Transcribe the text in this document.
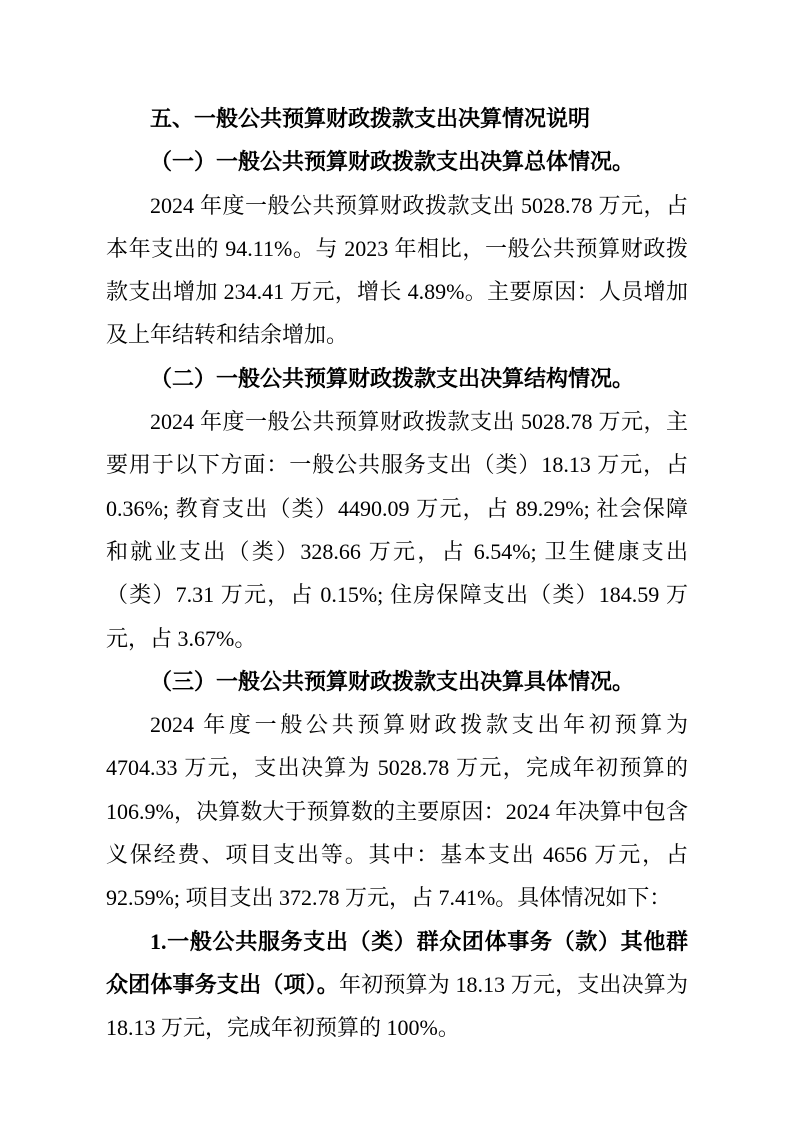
五、一般公共预算财政拨款支出决算情况说明

（一）一般公共预算财政拨款支出决算总体情况。

2024 年度一般公共预算财政拨款支出 5028.78 万元，占本年支出的 94.11%。与 2023 年相比，一般公共预算财政拨款支出增加 234.41 万元，增长 4.89%。主要原因：人员增加及上年结转和结余增加。

（二）一般公共预算财政拨款支出决算结构情况。

2024 年度一般公共预算财政拨款支出 5028.78 万元，主要用于以下方面：一般公共服务支出（类）18.13 万元，占 0.36%; 教育支出（类）4490.09 万元，占 89.29%; 社会保障和就业支出（类）328.66 万元，占 6.54%; 卫生健康支出（类）7.31 万元，占 0.15%; 住房保障支出（类）184.59 万元，占 3.67%。

（三）一般公共预算财政拨款支出决算具体情况。

2024 年度一般公共预算财政拨款支出年初预算为 4704.33 万元，支出决算为 5028.78 万元，完成年初预算的 106.9%，决算数大于预算数的主要原因：2024 年决算中包含义保经费、项目支出等。其中：基本支出 4656 万元，占 92.59%; 项目支出 372.78 万元，占 7.41%。具体情况如下：

1.一般公共服务支出（类）群众团体事务（款）其他群众团体事务支出（项）。年初预算为 18.13 万元，支出决算为 18.13 万元，完成年初预算的 100%。
